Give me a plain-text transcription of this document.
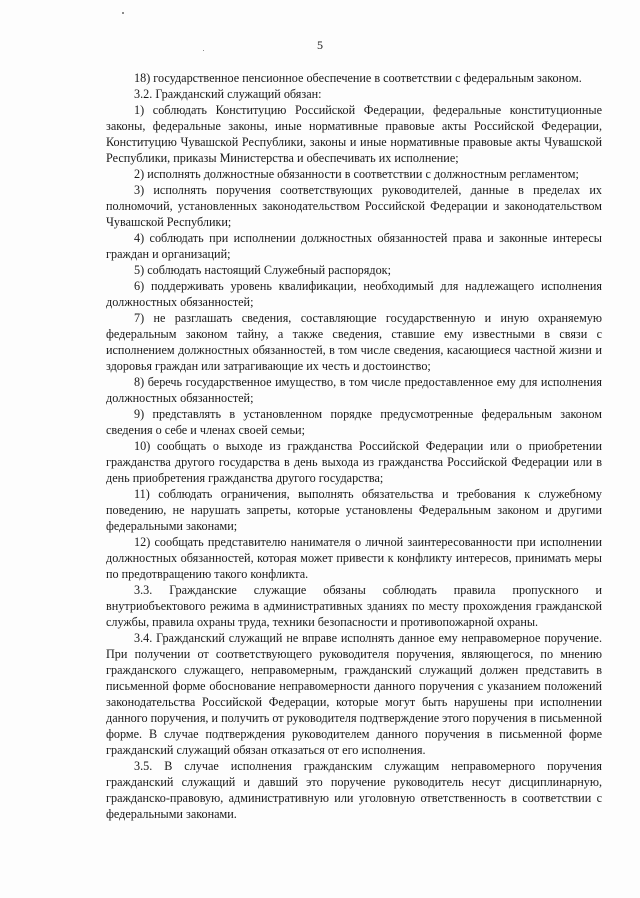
5

18) государственное пенсионное обеспечение в соответствии с федеральным законом.

3.2. Гражданский служащий обязан:

1) соблюдать Конституцию Российской Федерации, федеральные конституционные законы, федеральные законы, иные нормативные правовые акты Российской Федерации, Конституцию Чувашской Республики, законы и иные нормативные правовые акты Чувашской Республики, приказы Министерства и обеспечивать их исполнение;

2) исполнять должностные обязанности в соответствии с должностным регламентом;

3) исполнять поручения соответствующих руководителей, данные в пределах их полномочий, установленных законодательством Российской Федерации и законодательством Чувашской Республики;

4) соблюдать при исполнении должностных обязанностей права и законные интересы граждан и организаций;

5) соблюдать настоящий Служебный распорядок;

6) поддерживать уровень квалификации, необходимый для надлежащего исполнения должностных обязанностей;

7) не разглашать сведения, составляющие государственную и иную охраняемую федеральным законом тайну, а также сведения, ставшие ему известными в связи с исполнением должностных обязанностей, в том числе сведения, касающиеся частной жизни и здоровья граждан или затрагивающие их честь и достоинство;

8) беречь государственное имущество, в том числе предоставленное ему для исполнения должностных обязанностей;

9) представлять в установленном порядке предусмотренные федеральным законом сведения о себе и членах своей семьи;

10) сообщать о выходе из гражданства Российской Федерации или о приобретении гражданства другого государства в день выхода из гражданства Российской Федерации или в день приобретения гражданства другого государства;

11) соблюдать ограничения, выполнять обязательства и требования к служебному поведению, не нарушать запреты, которые установлены Федеральным законом и другими федеральными законами;

12) сообщать представителю нанимателя о личной заинтересованности при исполнении должностных обязанностей, которая может привести к конфликту интересов, принимать меры по предотвращению такого конфликта.

3.3. Гражданские служащие обязаны соблюдать правила пропускного и внутриобъектового режима в административных зданиях по месту прохождения гражданской службы, правила охраны труда, техники безопасности и противопожарной охраны.

3.4. Гражданский служащий не вправе исполнять данное ему неправомерное поручение. При получении от соответствующего руководителя поручения, являющегося, по мнению гражданского служащего, неправомерным, гражданский служащий должен представить в письменной форме обоснование неправомерности данного поручения с указанием положений законодательства Российской Федерации, которые могут быть нарушены при исполнении данного поручения, и получить от руководителя подтверждение этого поручения в письменной форме. В случае подтверждения руководителем данного поручения в письменной форме гражданский служащий обязан отказаться от его исполнения.

3.5. В случае исполнения гражданским служащим неправомерного поручения гражданский служащий и давший это поручение руководитель несут дисциплинарную, гражданско-правовую, административную или уголовную ответственность в соответствии с федеральными законами.
